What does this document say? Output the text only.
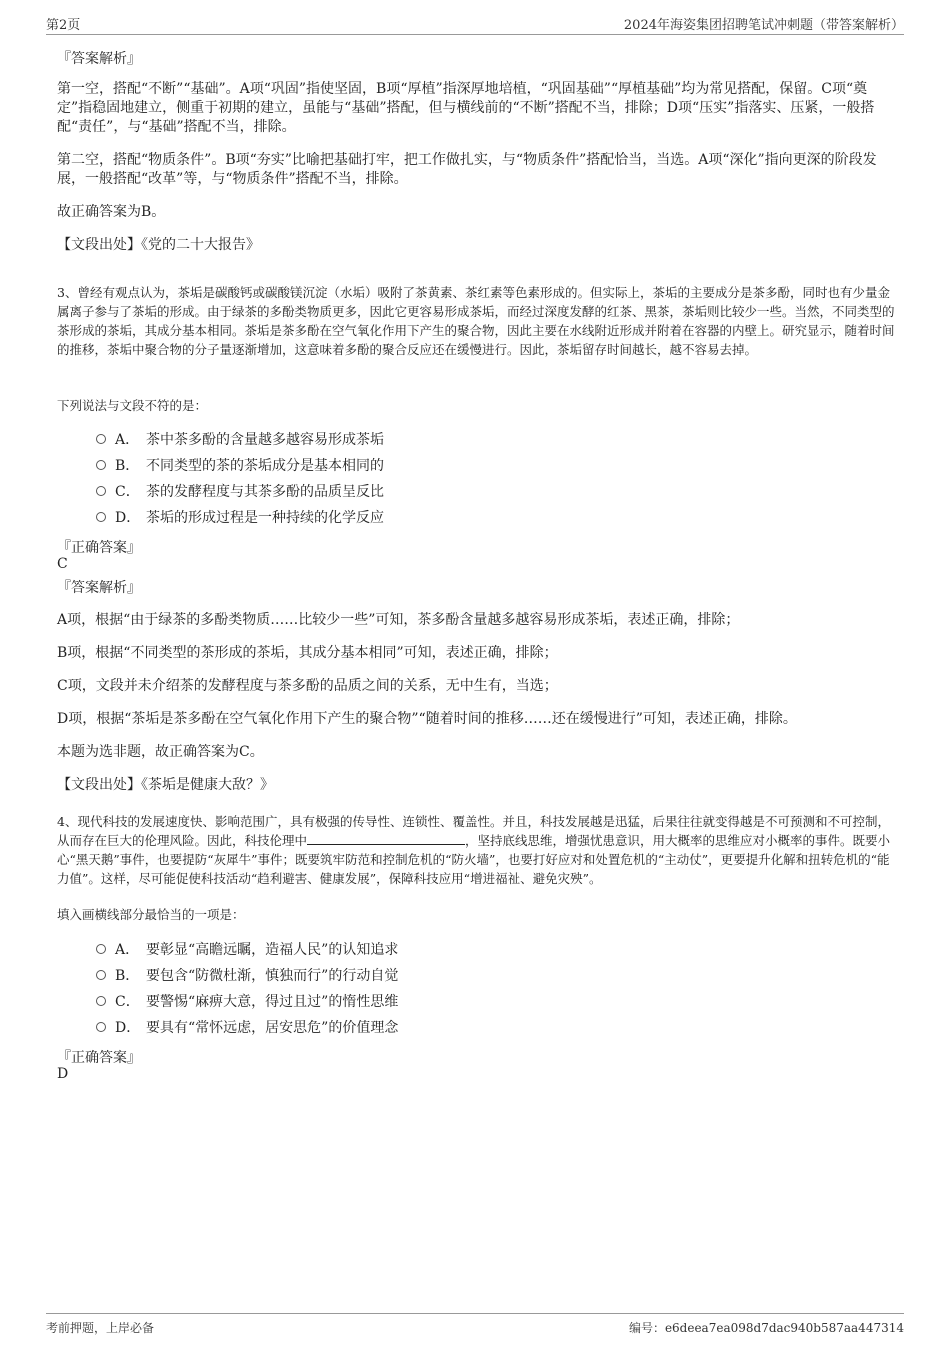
第2页	2024年海姿集团招聘笔试冲刺题（带答案解析）
『答案解析』
第一空，搭配“不断”“基础”。A项“巩固”指使坚固，B项“厚植”指深厚地培植，“巩固基础”“厚植基础”均为常见搭配，保留。C项“奠定”指稳固地建立，侧重于初期的建立，虽能与“基础”搭配，但与横线前的“不断”搭配不当，排除；D项“压实”指落实、压紧，一般搭配“责任”，与“基础”搭配不当，排除。
第二空，搭配“物质条件”。B项“夯实”比喻把基础打牢，把工作做扎实，与“物质条件”搭配恰当，当选。A项“深化”指向更深的阶段发展，一般搭配“改革”等，与“物质条件”搭配不当，排除。
故正确答案为B。
【文段出处】《党的二十大报告》
3、曾经有观点认为，茶垢是碳酸钙或碳酸镁沉淀（水垢）吸附了茶黄素、茶红素等色素形成的。但实际上，茶垢的主要成分是茶多酚，同时也有少量金属离子参与了茶垢的形成。由于绿茶的多酚类物质更多，因此它更容易形成茶垢，而经过深度发酵的红茶、黑茶，茶垢则比较少一些。当然，不同类型的茶形成的茶垢，其成分基本相同。茶垢是茶多酚在空气氧化作用下产生的聚合物，因此主要在水线附近形成并附着在容器的内壁上。研究显示，随着时间的推移，茶垢中聚合物的分子量逐渐增加，这意味着多酚的聚合反应还在缓慢进行。因此，茶垢留存时间越长，越不容易去掉。
下列说法与文段不符的是：
A． 茶中茶多酚的含量越多越容易形成茶垢
B． 不同类型的茶的茶垢成分是基本相同的
C． 茶的发酵程度与其茶多酚的品质呈反比
D． 茶垢的形成过程是一种持续的化学反应
『正确答案』
C
『答案解析』
A项，根据“由于绿茶的多酚类物质……比较少一些”可知，茶多酚含量越多越容易形成茶垢，表述正确，排除；
B项，根据“不同类型的茶形成的茶垢，其成分基本相同”可知，表述正确，排除；
C项，文段并未介绍茶的发酵程度与茶多酚的品质之间的关系，无中生有，当选；
D项，根据“茶垢是茶多酚在空气氧化作用下产生的聚合物”“随着时间的推移……还在缓慢进行”可知，表述正确，排除。
本题为选非题，故正确答案为C。
【文段出处】《茶垢是健康大敌？》
4、现代科技的发展速度快、影响范围广，具有极强的传导性、连锁性、覆盖性。并且，科技发展越是迅猛，后果往往就变得越是不可预测和不可控制，从而存在巨大的伦理风险。因此，科技伦理中	，坚持底线思维，增强忧患意识，用大概率的思维应对小概率的事件。既要小心“黑天鹅”事件，也要提防“灰犀牛”事件；既要筑牢防范和控制危机的“防火墙”，也要打好应对和处置危机的“主动仗”，更要提升化解和扭转危机的“能力值”。这样，尽可能促使科技活动“趋利避害、健康发展”，保障科技应用“增进福祉、避免灾殃”。
填入画横线部分最恰当的一项是：
A． 要彰显“高瞻远瞩，造福人民”的认知追求
B． 要包含“防微杜渐，慎独而行”的行动自觉
C． 要警惕“麻痹大意，得过且过”的惰性思维
D． 要具有“常怀远虑，居安思危”的价值理念
『正确答案』
D
考前押题，上岸必备	编号：e6deea7ea098d7dac940b587aa447314
